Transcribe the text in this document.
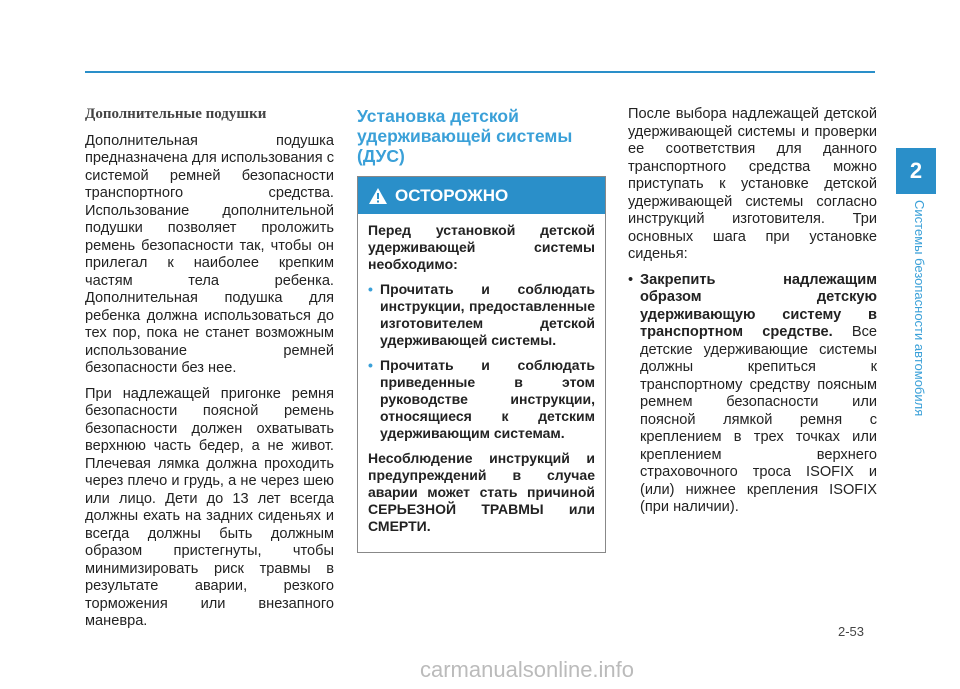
Дополнительные подушки

Дополнительная подушка предназначена для использования с системой ремней безопасности транспортного средства. Использование дополнительной подушки позволяет проложить ремень безопасности так, чтобы он прилегал к наиболее крепким частям тела ребенка. Дополнительная подушка для ребенка должна использоваться до тех пор, пока не станет возможным использование ремней безопасности без нее.

При надлежащей пригонке ремня безопасности поясной ремень безопасности должен охватывать верхнюю часть бедер, а не живот. Плечевая лямка должна проходить через плечо и грудь, а не через шею или лицо. Дети до 13 лет всегда должны ехать на задних сиденьях и всегда должны быть должным образом пристегнуты, чтобы минимизировать риск травмы в результате аварии, резкого торможения или внезапного маневра.

Установка детской удерживающей системы (ДУС)
ОСТОРОЖНО

Перед установкой детской удерживающей системы необходимо:

• Прочитать и соблюдать инструкции, предоставленные изготовителем детской удерживающей системы.
• Прочитать и соблюдать приведенные в этом руководстве инструкции, относящиеся к детским удерживающим системам.

Несоблюдение инструкций и предупреждений в случае аварии может стать причиной СЕРЬЕЗНОЙ ТРАВМЫ или СМЕРТИ.

После выбора надлежащей детской удерживающей системы и проверки ее соответствия для данного транспортного средства можно приступать к установке детской удерживающей системы согласно инструкций изготовителя. Три основных шага при установке сиденья:

• Закрепить надлежащим образом детскую удерживающую систему в транспортном средстве. Все детские удерживающие системы должны крепиться к транспортному средству поясным ремнем безопасности или поясной лямкой ремня с креплением в трех точках или креплением верхнего страховочного троса ISOFIX и (или) нижнее крепления ISOFIX (при наличии).
2
Системы безопасности автомобиля
2-53
carmanualsonline.info
